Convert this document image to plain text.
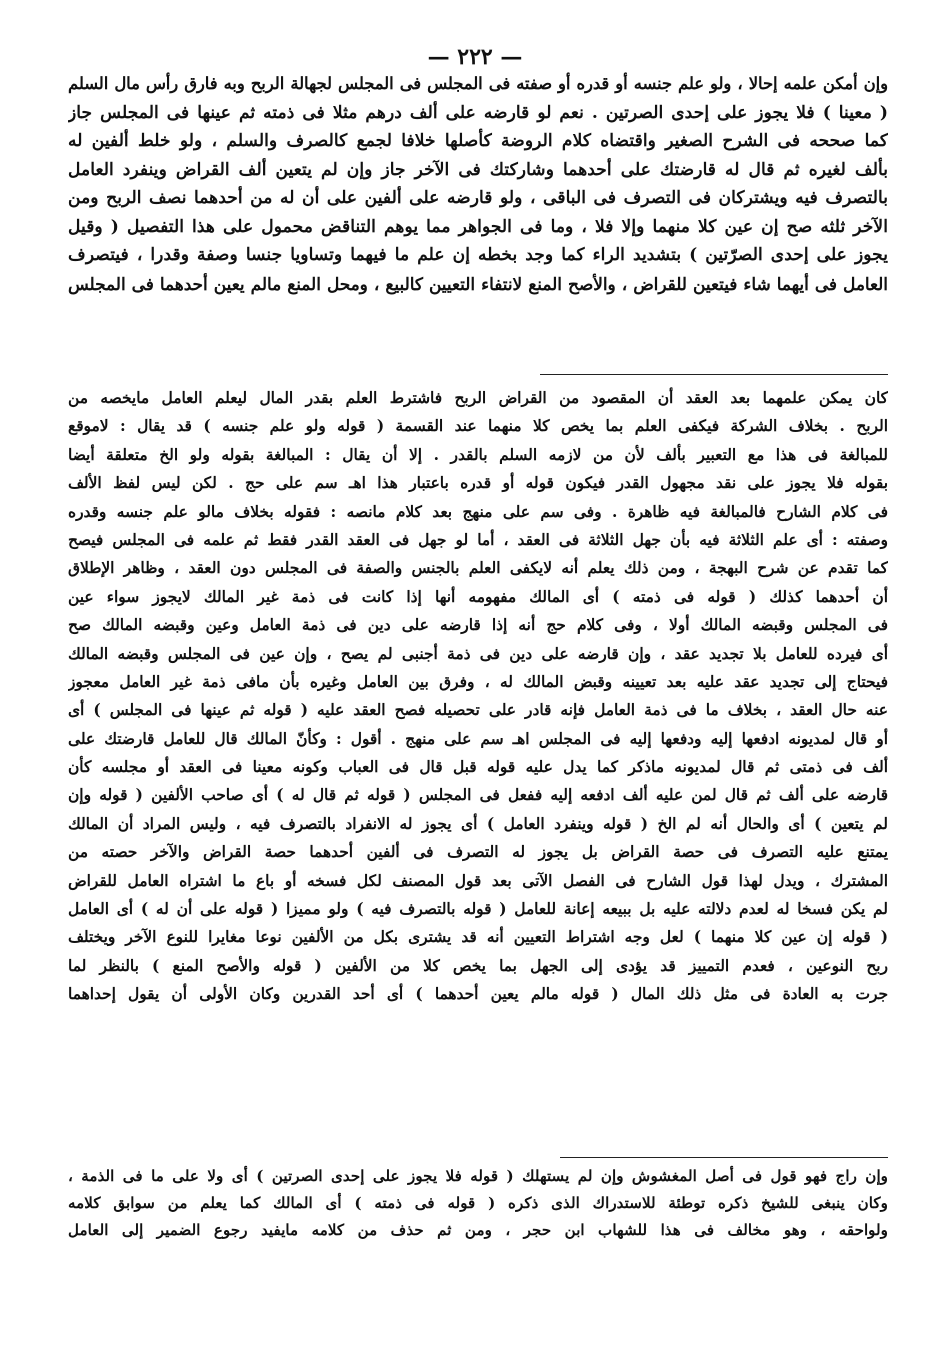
— ٢٢٢ —
وإن أمكن علمه إحالا ، ولو علم جنسه أو قدره أو صفته فى المجلس فى المجلس لجهالة الربح وبه فارق رأس مال السلم
( معينا ) فلا يجوز على إحدى الصرتين . نعم لو قارضه على ألف درهم مثلا فى ذمته ثم عينها فى المجلس جاز
كما صححه فى الشرح الصغير واقتضاه كلام الروضة كأصلها خلافا لجمع كالصرف والسلم ، ولو خلط ألفين له
بألف لغيره ثم قال له قارضتك على أحدهما وشاركتك فى الآخر جاز وإن لم يتعين ألف القراض وينفرد العامل
بالتصرف فيه ويشتركان فى التصرف فى الباقى ، ولو قارضه على ألفين على أن له من أحدهما نصف الربح ومن
الآخر ثلثه صح إن عين كلا منهما وإلا فلا ، وما فى الجواهر مما يوهم التناقض محمول على هذا التفصيل ( وقيل
يجوز على إحدى الصرّتين ) بتشديد الراء كما وجد بخطه إن علم ما فيهما وتساويا جنسا وصفة وقدرا ، فيتصرف
العامل فى أيهما شاء فيتعين للقراض ، والأصح المنع لانتفاء التعيين كالبيع ، ومحل المنع مالم يعين أحدهما فى المجلس
كان يمكن علمهما بعد العقد أن المقصود من القراض الربح فاشترط العلم بقدر المال ليعلم العامل مايخصه من
الربح . بخلاف الشركة فيكفى العلم بما يخص كلا منهما عند القسمة ( قوله ولو علم جنسه ) قد يقال : لاموقع
للمبالغة فى هذا مع التعبير بألف لأن من لازمه السلم بالقدر . إلا أن يقال : المبالغة بقوله ولو الخ متعلقة أيضا
بقوله فلا يجوز على نقد مجهول القدر فيكون قوله أو قدره باعتبار هذا اهـ سم على حج . لكن ليس لفظ الألف
فى كلام الشارح فالمبالغة فيه ظاهرة . وفى سم على منهج بعد كلام مانصه : فقوله بخلاف مالو علم جنسه وقدره
وصفته : أى علم الثلاثة فيه بأن جهل الثلاثة فى العقد ، أما لو جهل فى العقد القدر فقط ثم علمه فى المجلس فيصح
كما تقدم عن شرح البهجة ، ومن ذلك يعلم أنه لايكفى العلم بالجنس والصفة فى المجلس دون العقد ، وظاهر الإطلاق
أن أحدهما كذلك ( قوله فى ذمته ) أى المالك مفهومه أنها إذا كانت فى ذمة غير المالك لايجوز سواء عين
فى المجلس وقبضه المالك أولا ، وفى كلام حج أنه إذا قارضه على دين فى ذمة العامل وعين وقبضه المالك صح
أى فيرده للعامل بلا تجديد عقد ، وإن قارضه على دين فى ذمة أجنبى لم يصح ، وإن عين فى المجلس وقبضه المالك
فيحتاج إلى تجديد عقد عليه بعد تعيينه وقبض المالك له ، وفرق بين العامل وغيره بأن مافى ذمة غير العامل معجوز
عنه حال العقد ، بخلاف ما فى ذمة العامل فإنه قادر على تحصيله فصح العقد عليه ( قوله ثم عينها فى المجلس ) أى
أو قال لمديونه ادفعها إليه ودفعها إليه فى المجلس اهـ سم على منهج . أقول : وكأنّ المالك قال للعامل قارضتك على
ألف فى ذمتى ثم قال لمديونه ماذكر كما يدل عليه قوله قبل قال فى العباب وكونه معينا فى العقد أو مجلسه كأن
قارضه على ألف ثم قال لمن عليه ألف ادفعه إليه ففعل فى المجلس ( قوله ثم قال له ) أى صاحب الألفين ( قوله وإن
لم يتعين ) أى والحال أنه لم الخ ( قوله وينفرد العامل ) أى يجوز له الانفراد بالتصرف فيه ، وليس المراد أن المالك
يمتنع عليه التصرف فى حصة القراض بل يجوز له التصرف فى ألفين أحدهما حصة القراض والآخر حصته من
المشترك ، ويدل لهذا قول الشارح فى الفصل الآتى بعد قول المصنف لكل فسخه أو باع ما اشتراه العامل للقراض
لم يكن فسخا له لعدم دلالته عليه بل ببيعه إعانة للعامل ( قوله بالتصرف فيه ) ولو مميزا ( قوله على أن له ) أى العامل
( قوله إن عين كلا منهما ) لعل وجه اشتراط التعيين أنه قد يشترى بكل من الألفين نوعا مغايرا للنوع الآخر ويختلف
ربح النوعين ، فعدم التمييز قد يؤدى إلى الجهل بما يخص كلا من الألفين ( قوله والأصح المنع ) بالنظر لما
جرت به العادة فى مثل ذلك المال ( قوله مالم يعين أحدهما ) أى أحد القدرين وكان الأولى أن يقول إحداهما
وإن راج فهو قول فى أصل المغشوش وإن لم يستهلك ( قوله فلا يجوز على إحدى الصرتين ) أى ولا على ما فى الذمة ،
وكان ينبغى للشيخ ذكره توطئة للاستدراك الذى ذكره ( قوله فى ذمته ) أى المالك كما يعلم من سوابق كلامه
ولواحقه ، وهو مخالف فى هذا للشهاب ابن حجر ، ومن ثم حذف من كلامه مايفيد رجوع الضمير إلى العامل
